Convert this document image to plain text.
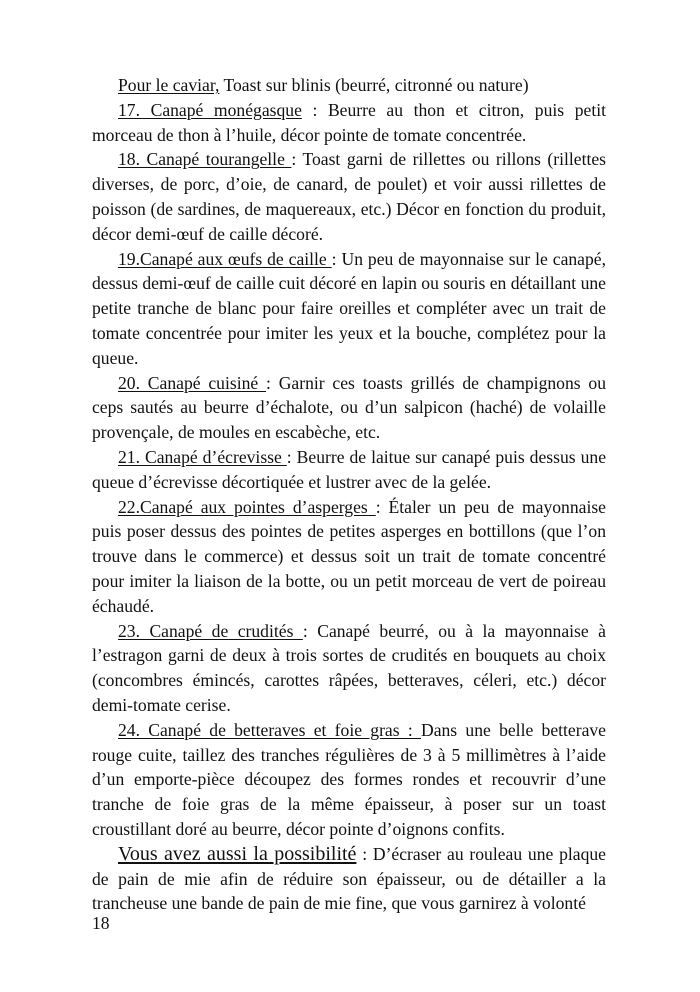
Pour le caviar, Toast sur blinis (beurré, citronné ou nature)

17. Canapé monégasque : Beurre au thon et citron, puis petit morceau de thon à l’huile, décor pointe de tomate concentrée.

18. Canapé tourangelle : Toast garni de rillettes ou rillons (rillettes diverses, de porc, d’oie, de canard, de poulet) et voir aussi rillettes de poisson (de sardines, de maquereaux, etc.) Décor en fonction du produit, décor demi-œuf de caille décoré.

19.Canapé aux œufs de caille : Un peu de mayonnaise sur le canapé, dessus demi-œuf de caille cuit décoré en lapin ou souris en détaillant une petite tranche de blanc pour faire oreilles et compléter avec un trait de tomate concentrée pour imiter les yeux et la bouche, complétez pour la queue.

20. Canapé cuisiné : Garnir ces toasts grillés de champignons ou ceps sautés au beurre d’échalote, ou d’un salpicon (haché) de volaille provençale, de moules en escabèche, etc.

21. Canapé d’écrevisse : Beurre de laitue sur canapé puis dessus une queue d’écrevisse décortiquée et lustrer avec de la gelée.

22.Canapé aux pointes d’asperges : Étaler un peu de mayonnaise puis poser dessus des pointes de petites asperges en bottillons (que l’on trouve dans le commerce) et dessus soit un trait de tomate concentré pour imiter la liaison de la botte, ou un petit morceau de vert de poireau échaudé.

23. Canapé de crudités : Canapé beurré, ou à la mayonnaise à l’estragon garni de deux à trois sortes de crudités en bouquets au choix (concombres émincés, carottes râpées, betteraves, céleri, etc.) décor demi-tomate cerise.

24. Canapé de betteraves et foie gras : Dans une belle betterave rouge cuite, taillez des tranches régulières de 3 à 5 millimètres à l’aide d’un emporte-pièce découpez des formes rondes et recouvrir d’une tranche de foie gras de la même épaisseur, à poser sur un toast croustillant doré au beurre, décor pointe d’oignons confits.

Vous avez aussi la possibilité : D’écraser au rouleau une plaque de pain de mie afin de réduire son épaisseur, ou de détailler a la trancheuse une bande de pain de mie fine, que vous garnirez à volonté

18
